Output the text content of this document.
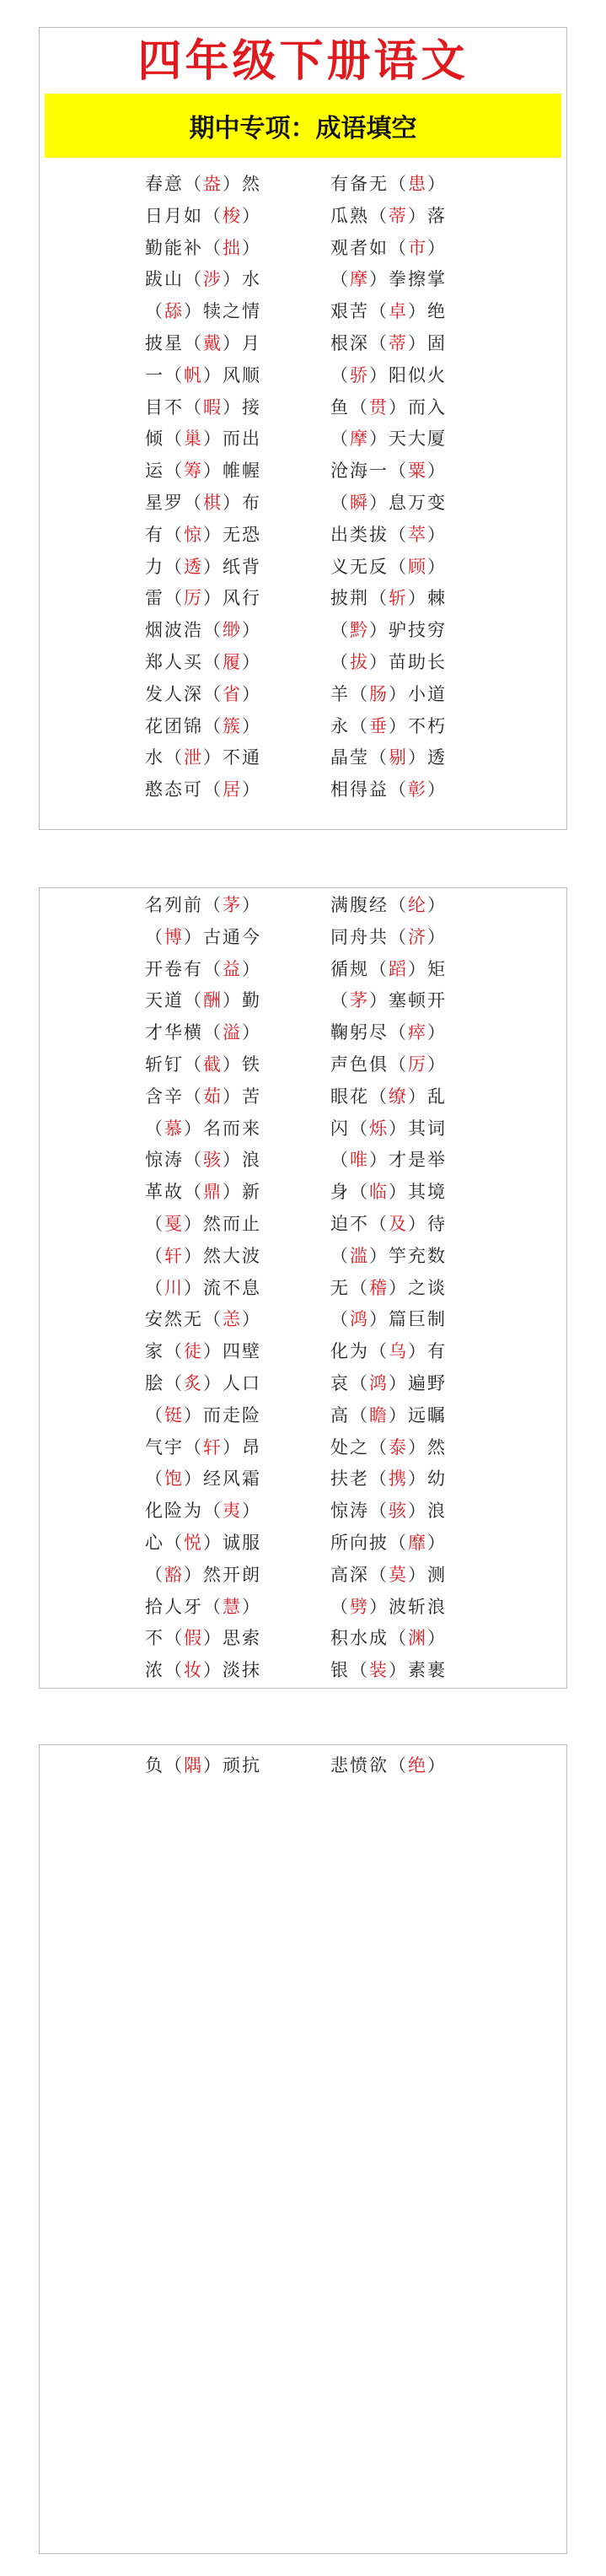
四年级下册语文
期中专项：成语填空
春意（盎）然	有备无（患）
日月如（梭）	瓜熟（蒂）落
勤能补（拙）	观者如（市）
跋山（涉）水	（摩）拳擦掌
（舔）犊之情	艰苦（卓）绝
披星（戴）月	根深（蒂）固
一（帆）风顺	（骄）阳似火
目不（暇）接	鱼（贯）而入
倾（巢）而出	（摩）天大厦
运（筹）帷幄	沧海一（粟）
星罗（棋）布	（瞬）息万变
有（惊）无恐	出类拔（萃）
力（透）纸背	义无反（顾）
雷（厉）风行	披荆（斩）棘
烟波浩（缈）	（黔）驴技穷
郑人买（履）	（拔）苗助长
发人深（省）	羊（肠）小道
花团锦（簇）	永（垂）不朽
水（泄）不通	晶莹（剔）透
憨态可（居）	相得益（彰）
名列前（茅）	满腹经（纶）
（博）古通今	同舟共（济）
开卷有（益）	循规（蹈）矩
天道（酬）勤	（茅）塞顿开
才华横（溢）	鞠躬尽（瘁）
斩钉（截）铁	声色俱（厉）
含辛（茹）苦	眼花（缭）乱
（慕）名而来	闪（烁）其词
惊涛（骇）浪	（唯）才是举
革故（鼎）新	身（临）其境
（戛）然而止	迫不（及）待
（轩）然大波	（滥）竽充数
（川）流不息	无（稽）之谈
安然无（恙）	（鸿）篇巨制
家（徒）四壁	化为（乌）有
脍（炙）人口	哀（鸿）遍野
（铤）而走险	高（瞻）远瞩
气宇（轩）昂	处之（泰）然
（饱）经风霜	扶老（携）幼
化险为（夷）	惊涛（骇）浪
心（悦）诚服	所向披（靡）
（豁）然开朗	高深（莫）测
拾人牙（慧）	（劈）波斩浪
不（假）思索	积水成（渊）
浓（妆）淡抹	银（装）素裹
负（隅）顽抗	悲愤欲（绝）
